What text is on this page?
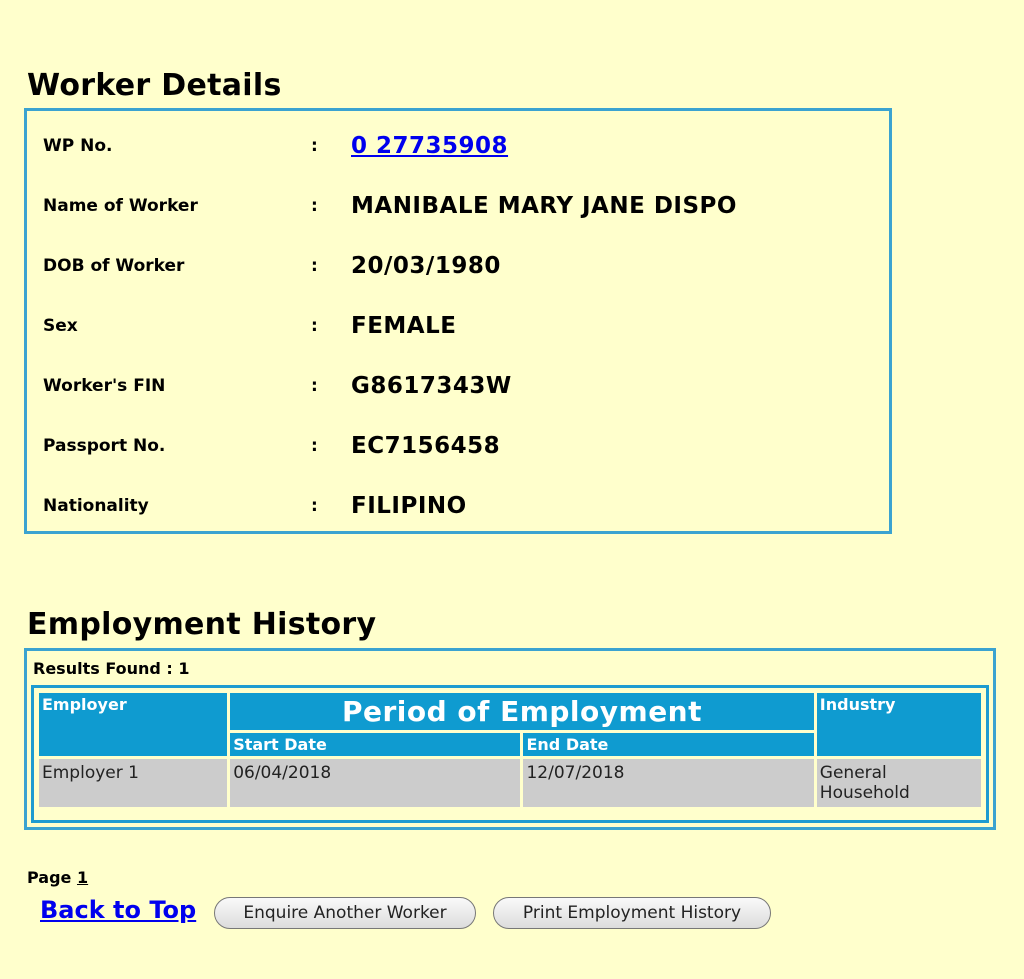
Worker Details
WP No.	: 0 27735908
Name of Worker	: MANIBALE MARY JANE DISPO
DOB of Worker	: 20/03/1980
Sex	: FEMALE
Worker's FIN	: G8617343W
Passport No.	: EC7156458
Nationality	: FILIPINO
Employment History
Results Found : 1
Employer	Period of Employment		Industry
	Start Date	End Date	
Employer 1	06/04/2018	12/07/2018	General Household
Page 1
Back to Top	Enquire Another Worker	Print Employment History
